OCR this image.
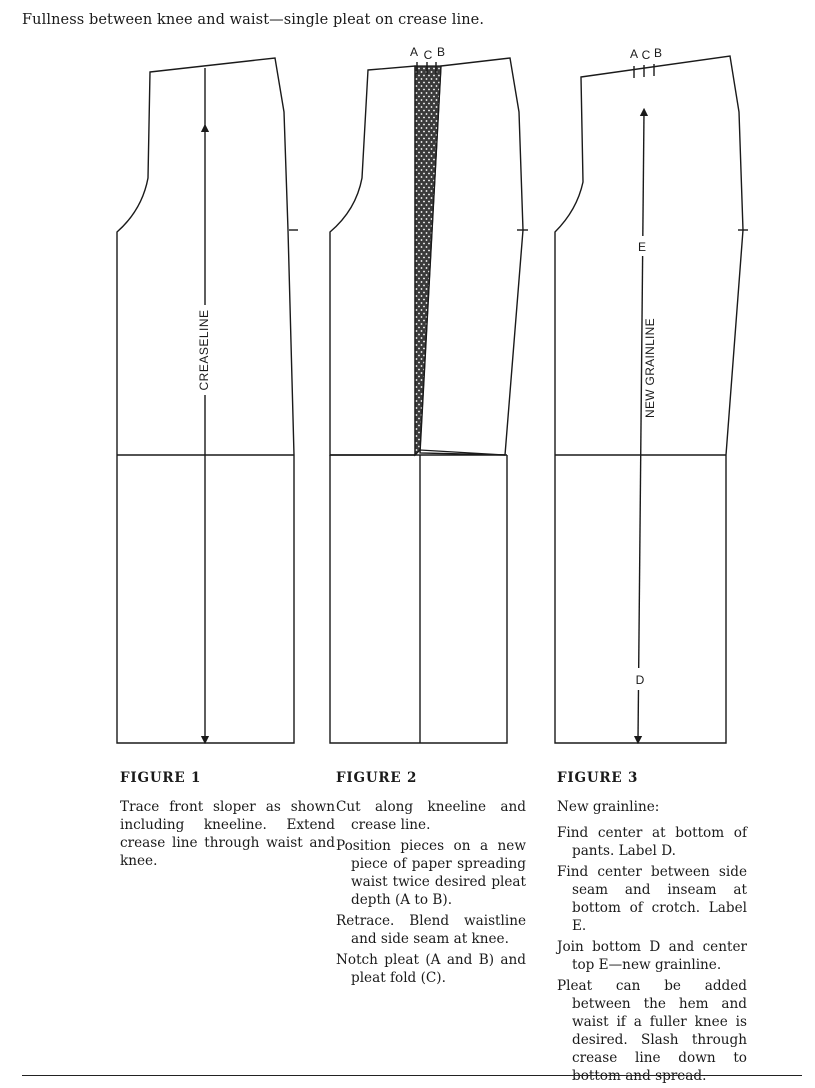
Fullness between knee and waist—single pleat on crease line.
CREASELINE
A C B	A C B
E
D
NEW GRAINLINE
FIGURE 1

Trace front sloper as shown including kneeline. Extend crease line through waist and knee.

FIGURE 2

Cut along kneeline and crease line.

Position pieces on a new piece of paper spreading waist twice desired pleat depth (A to B).

Retrace. Blend waistline and side seam at knee.

Notch pleat (A and B) and pleat fold (C).

FIGURE 3

New grainline:

Find center at bottom of pants. Label D.

Find center between side seam and inseam at bottom of crotch. Label E.

Join bottom D and center top E—new grainline.

Pleat can be added between the hem and waist if a fuller knee is desired. Slash through crease line down to bottom and spread.
